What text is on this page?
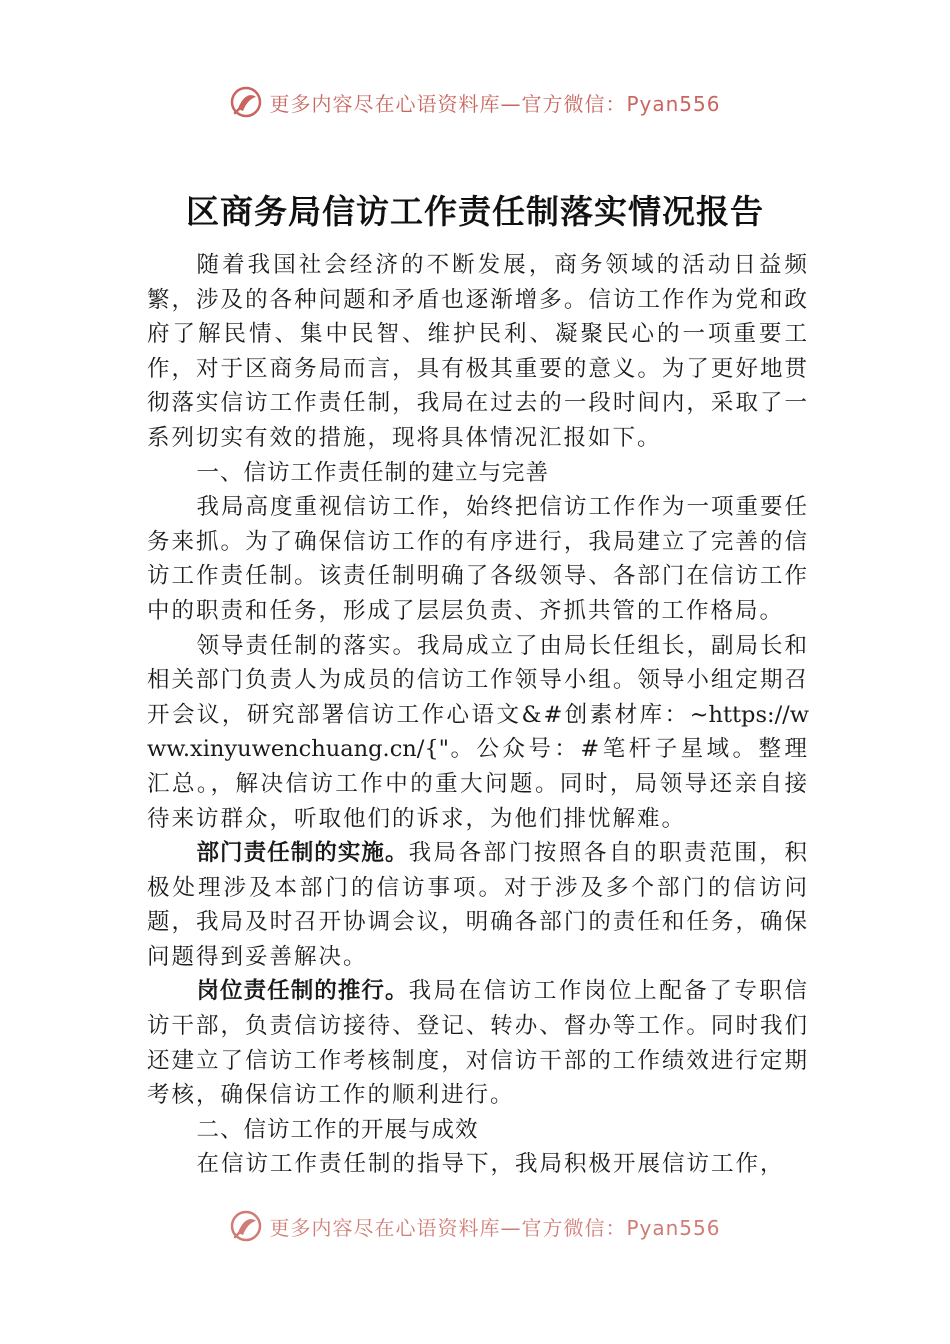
更多内容尽在心语资料库—官方微信：Pyan556
区商务局信访工作责任制落实情况报告

随着我国社会经济的不断发展，商务领域的活动日益频繁，涉及的各种问题和矛盾也逐渐增多。信访工作作为党和政府了解民情、集中民智、维护民利、凝聚民心的一项重要工作，对于区商务局而言，具有极其重要的意义。为了更好地贯彻落实信访工作责任制，我局在过去的一段时间内，采取了一系列切实有效的措施，现将具体情况汇报如下。

一、信访工作责任制的建立与完善

我局高度重视信访工作，始终把信访工作作为一项重要任务来抓。为了确保信访工作的有序进行，我局建立了完善的信访工作责任制。该责任制明确了各级领导、各部门在信访工作中的职责和任务，形成了层层负责、齐抓共管的工作格局。

领导责任制的落实。我局成立了由局长任组长，副局长和相关部门负责人为成员的信访工作领导小组。领导小组定期召开会议，研究部署信访工作心语文&#创素材库：~https://www.xinyuwenchuang.cn/{"。公众号：#笔杆子星域。整理汇总。，解决信访工作中的重大问题。同时，局领导还亲自接待来访群众，听取他们的诉求，为他们排忧解难。

部门责任制的实施。我局各部门按照各自的职责范围，积极处理涉及本部门的信访事项。对于涉及多个部门的信访问题，我局及时召开协调会议，明确各部门的责任和任务，确保问题得到妥善解决。

岗位责任制的推行。我局在信访工作岗位上配备了专职信访干部，负责信访接待、登记、转办、督办等工作。同时我们还建立了信访工作考核制度，对信访干部的工作绩效进行定期考核，确保信访工作的顺利进行。

二、信访工作的开展与成效

在信访工作责任制的指导下，我局积极开展信访工作，

更多内容尽在心语资料库—官方微信：Pyan556
